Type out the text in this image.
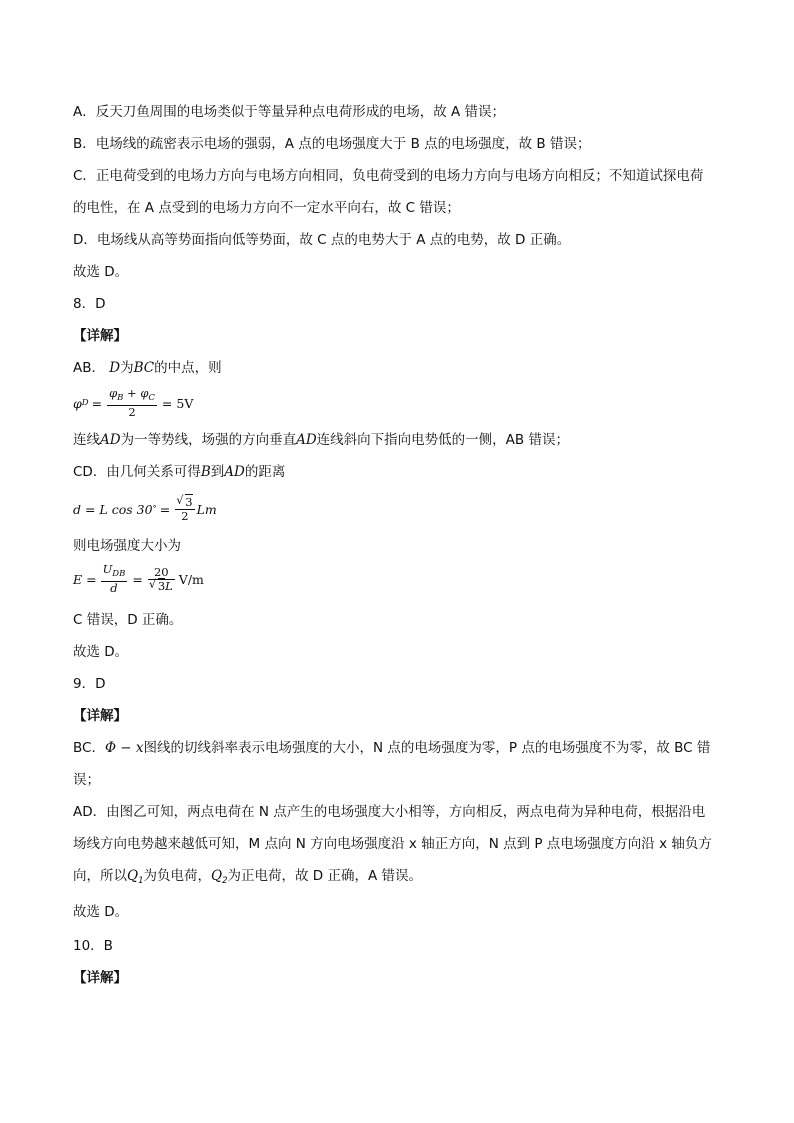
A．反天刀鱼周围的电场类似于等量异种点电荷形成的电场，故 A 错误；
B．电场线的疏密表示电场的强弱，A 点的电场强度大于 B 点的电场强度，故 B 错误；
C．正电荷受到的电场力方向与电场方向相同，负电荷受到的电场力方向与电场方向相反；不知道试探电荷
的电性，在 A 点受到的电场力方向不一定水平向右，故 C 错误；
D．电场线从高等势面指向低等势面，故 C 点的电势大于 A 点的电势，故 D 正确。
故选 D。
8．D
【详解】
AB． D为BC的中点，则
φ $D = \frac{\varphi_B + \varphi_C}{2} = 5V$
连线AD为一等势线，场强的方向垂直AD连线斜向下指向电势低的一侧，AB 错误；
CD．由几何关系可得B到AD的距离
d = L cos 30 ° =
√ $\frac{3}{2}$ Lm
则电场强度大小为
$E = \frac{U_{DB}}{d} = 20$
√ 3L V/m
C 错误，D 正确。
故选 D。
9．D
【详解】
BC．Φ − x图线的切线斜率表示电场强度的大小，N 点的电场强度为零，P 点的电场强度不为零，故 BC 错
误；
AD．由图乙可知，两点电荷在 N 点产生的电场强度大小相等，方向相反，两点电荷为异种电荷，根据沿电
场线方向电势越来越低可知，M 点向 N 方向电场强度沿 x 轴正方向，N 点到 P 点电场强度方向沿 x 轴负方
向，所以$Q_1$为负电荷，$Q_2$为正电荷，故 D 正确，A 错误。
故选 D。
10．B
【详解】
